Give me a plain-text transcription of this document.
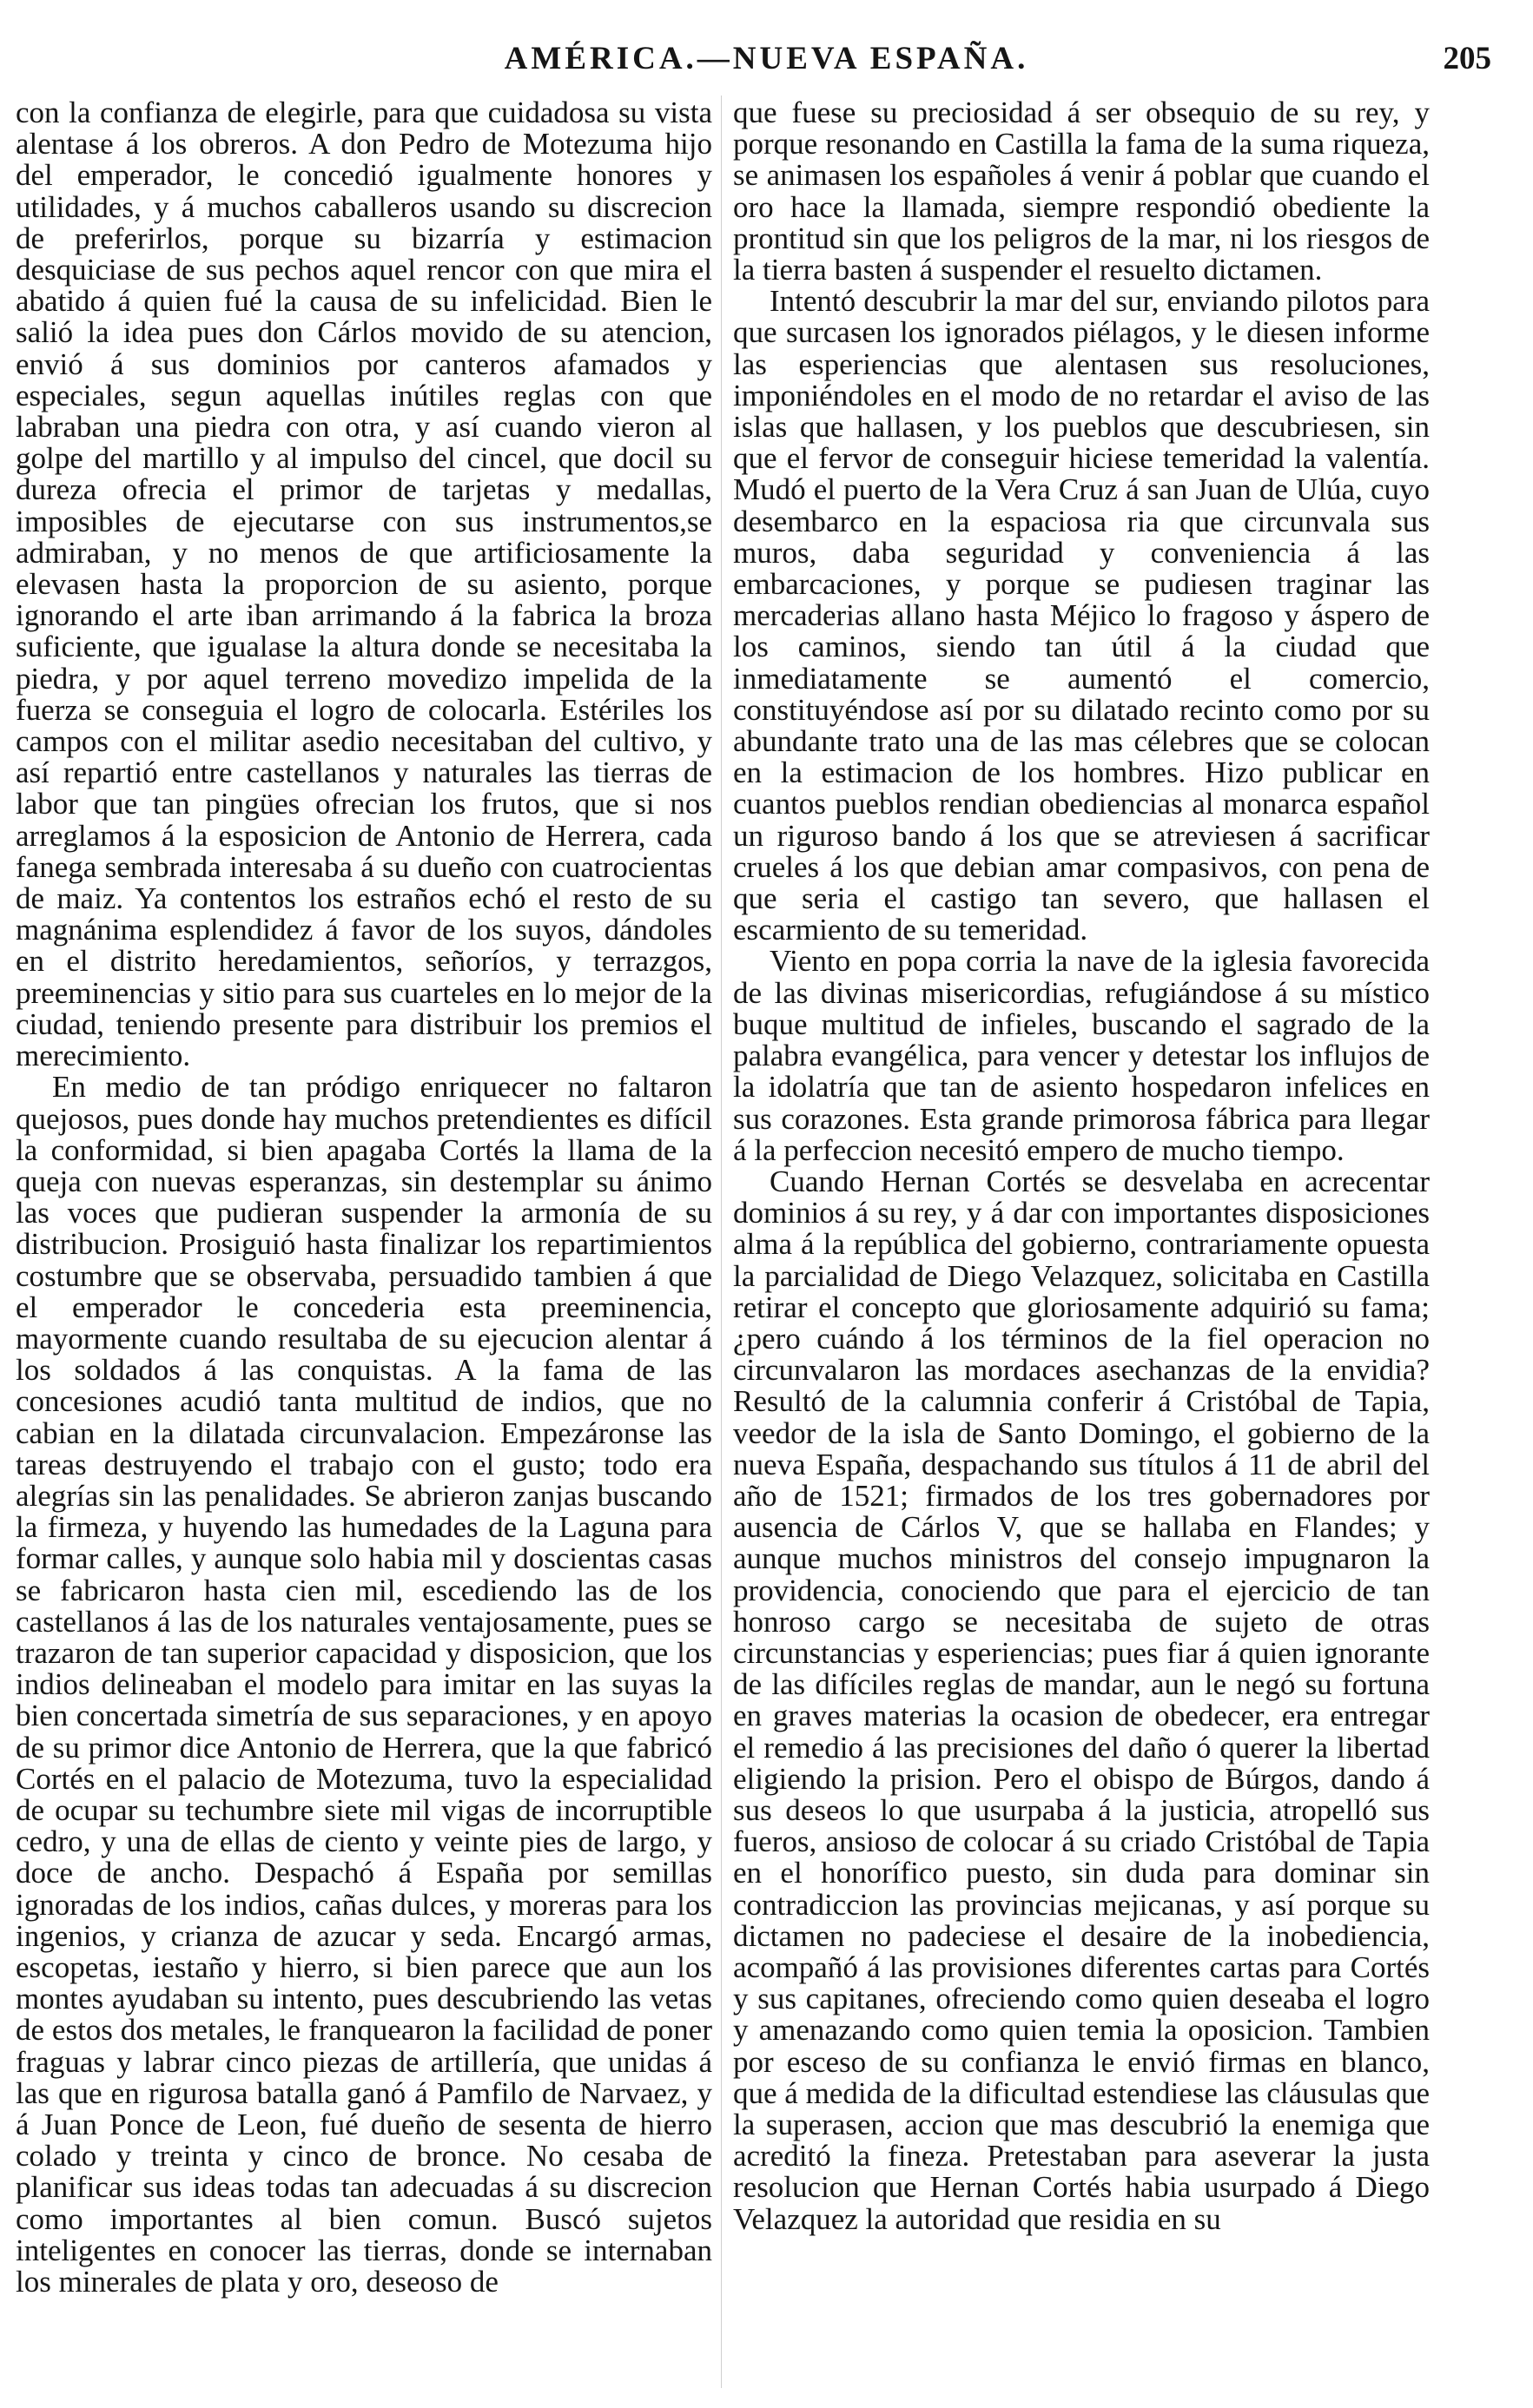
AMÉRICA.—NUEVA ESPAÑA.	205

con la confianza de elegirle, para que cuidadosa su vista alentase á los obreros. A don Pedro de Motezuma hijo del emperador, le concedió igualmente honores y utilidades, y á muchos caballeros usando su discrecion de preferirlos, porque su bizarría y estimacion desquiciase de sus pechos aquel rencor con que mira el abatido á quien fué la causa de su infelicidad. Bien le salió la idea pues don Cárlos movido de su atencion, envió á sus dominios por canteros afamados y especiales, segun aquellas inútiles reglas con que labraban una piedra con otra, y así cuando vieron al golpe del martillo y al impulso del cincel, que docil su dureza ofrecia el primor de tarjetas y medallas, imposibles de ejecutarse con sus instrumentos,se admiraban, y no menos de que artificiosamente la elevasen hasta la proporcion de su asiento, porque ignorando el arte iban arrimando á la fabrica la broza suficiente, que igualase la altura donde se necesitaba la piedra, y por aquel terreno movedizo impelida de la fuerza se conseguia el logro de colocarla. Estériles los campos con el militar asedio necesitaban del cultivo, y así repartió entre castellanos y naturales las tierras de labor que tan pingües ofrecian los frutos, que si nos arreglamos á la esposicion de Antonio de Herrera, cada fanega sembrada interesaba á su dueño con cuatrocientas de maiz. Ya contentos los estraños echó el resto de su magnánima esplendidez á favor de los suyos, dándoles en el distrito heredamientos, señoríos, y terrazgos, preeminencias y sitio para sus cuarteles en lo mejor de la ciudad, teniendo presente para distribuir los premios el merecimiento.

En medio de tan pródigo enriquecer no faltaron quejosos, pues donde hay muchos pretendientes es difícil la conformidad, si bien apagaba Cortés la llama de la queja con nuevas esperanzas, sin destemplar su ánimo las voces que pudieran suspender la armonía de su distribucion. Prosiguió hasta finalizar los repartimientos costumbre que se observaba, persuadido tambien á que el emperador le concederia esta preeminencia, mayormente cuando resultaba de su ejecucion alentar á los soldados á las conquistas. A la fama de las concesiones acudió tanta multitud de indios, que no cabian en la dilatada circunvalacion. Empezáronse las tareas destruyendo el trabajo con el gusto; todo era alegrías sin las penalidades. Se abrieron zanjas buscando la firmeza, y huyendo las humedades de la Laguna para formar calles, y aunque solo habia mil y doscientas casas se fabricaron hasta cien mil, escediendo las de los castellanos á las de los naturales ventajosamente, pues se trazaron de tan superior capacidad y disposicion, que los indios delineaban el modelo para imitar en las suyas la bien concertada simetría de sus separaciones, y en apoyo de su primor dice Antonio de Herrera, que la que fabricó Cortés en el palacio de Motezuma, tuvo la especialidad de ocupar su techumbre siete mil vigas de incorruptible cedro, y una de ellas de ciento y veinte pies de largo, y doce de ancho. Despachó á España por semillas ignoradas de los indios, cañas dulces, y moreras para los ingenios, y crianza de azucar y seda. Encargó armas, escopetas, iestaño y hierro, si bien parece que aun los montes ayudaban su intento, pues descubriendo las vetas de estos dos metales, le franquearon la facilidad de poner fraguas y labrar cinco piezas de artillería, que unidas á las que en rigurosa batalla ganó á Pamfilo de Narvaez, y á Juan Ponce de Leon, fué dueño de sesenta de hierro colado y treinta y cinco de bronce. No cesaba de planificar sus ideas todas tan adecuadas á su discrecion como importantes al bien comun. Buscó sujetos inteligentes en conocer las tierras, donde se internaban los minerales de plata y oro, deseoso de

que fuese su preciosidad á ser obsequio de su rey, y porque resonando en Castilla la fama de la suma riqueza, se animasen los españoles á venir á poblar que cuando el oro hace la llamada, siempre respondió obediente la prontitud sin que los peligros de la mar, ni los riesgos de la tierra basten á suspender el resuelto dictamen.

Intentó descubrir la mar del sur, enviando pilotos para que surcasen los ignorados piélagos, y le diesen informe las esperiencias que alentasen sus resoluciones, imponiéndoles en el modo de no retardar el aviso de las islas que hallasen, y los pueblos que descubriesen, sin que el fervor de conseguir hiciese temeridad la valentía. Mudó el puerto de la Vera Cruz á san Juan de Ulúa, cuyo desembarco en la espaciosa ria que circunvala sus muros, daba seguridad y conveniencia á las embarcaciones, y porque se pudiesen traginar las mercaderias allano hasta Méjico lo fragoso y áspero de los caminos, siendo tan útil á la ciudad que inmediatamente se aumentó el comercio, constituyéndose así por su dilatado recinto como por su abundante trato una de las mas célebres que se colocan en la estimacion de los hombres. Hizo publicar en cuantos pueblos rendian obediencias al monarca español un riguroso bando á los que se atreviesen á sacrificar crueles á los que debian amar compasivos, con pena de que seria el castigo tan severo, que hallasen el escarmiento de su temeridad.

Viento en popa corria la nave de la iglesia favorecida de las divinas misericordias, refugiándose á su místico buque multitud de infieles, buscando el sagrado de la palabra evangélica, para vencer y detestar los influjos de la idolatría que tan de asiento hospedaron infelices en sus corazones. Esta grande primorosa fábrica para llegar á la perfeccion necesitó empero de mucho tiempo.

Cuando Hernan Cortés se desvelaba en acrecentar dominios á su rey, y á dar con importantes disposiciones alma á la república del gobierno, contrariamente opuesta la parcialidad de Diego Velazquez, solicitaba en Castilla retirar el concepto que gloriosamente adquirió su fama; ¿pero cuándo á los términos de la fiel operacion no circunvalaron las mordaces asechanzas de la envidia? Resultó de la calumnia conferir á Cristóbal de Tapia, veedor de la isla de Santo Domingo, el gobierno de la nueva España, despachando sus títulos á 11 de abril del año de 1521; firmados de los tres gobernadores por ausencia de Cárlos V, que se hallaba en Flandes; y aunque muchos ministros del consejo impugnaron la providencia, conociendo que para el ejercicio de tan honroso cargo se necesitaba de sujeto de otras circunstancias y esperiencias; pues fiar á quien ignorante de las difíciles reglas de mandar, aun le negó su fortuna en graves materias la ocasion de obedecer, era entregar el remedio á las precisiones del daño ó querer la libertad eligiendo la prision. Pero el obispo de Búrgos, dando á sus deseos lo que usurpaba á la justicia, atropelló sus fueros, ansioso de colocar á su criado Cristóbal de Tapia en el honorífico puesto, sin duda para dominar sin contradiccion las provincias mejicanas, y así porque su dictamen no padeciese el desaire de la inobediencia, acompañó á las provisiones diferentes cartas para Cortés y sus capitanes, ofreciendo como quien deseaba el logro y amenazando como quien temia la oposicion. Tambien por esceso de su confianza le envió firmas en blanco, que á medida de la dificultad estendiese las cláusulas que la superasen, accion que mas descubrió la enemiga que acreditó la fineza. Pretestaban para aseverar la justa resolucion que Hernan Cortés habia usurpado á Diego Velazquez la autoridad que residia en su
